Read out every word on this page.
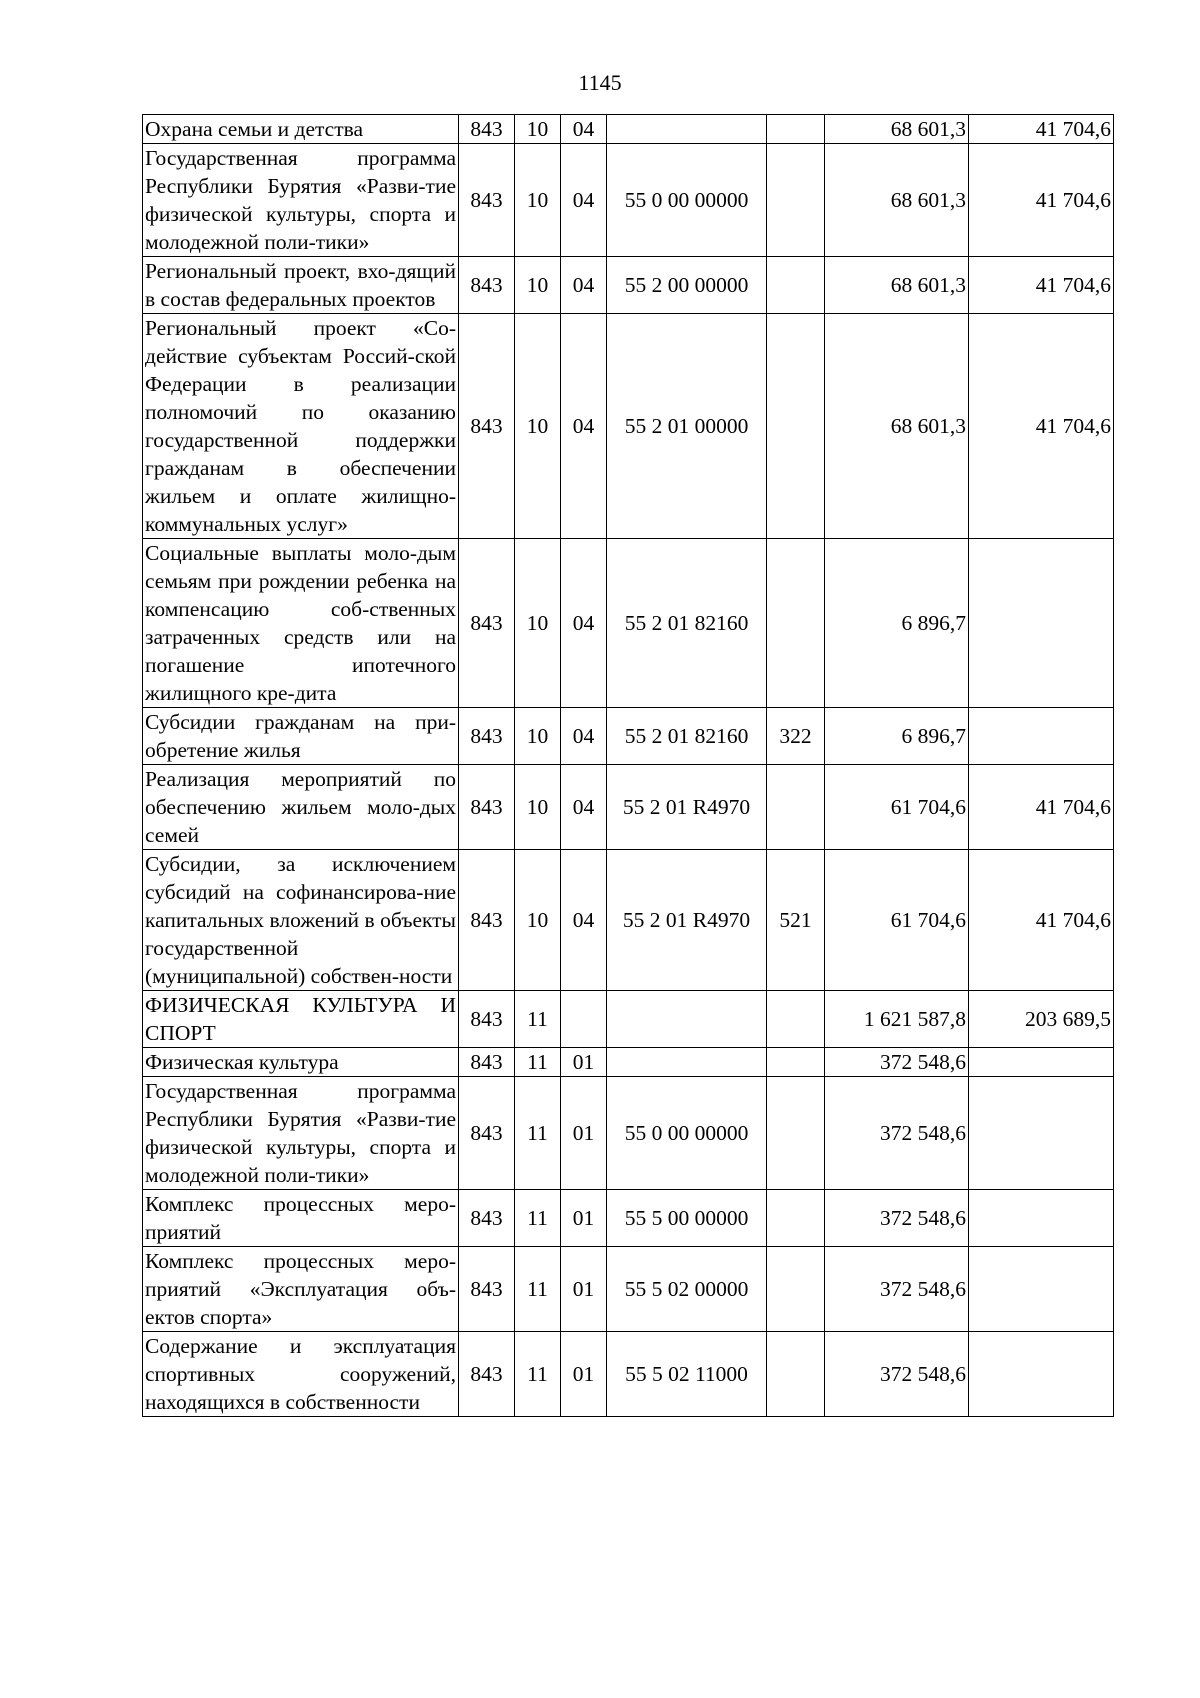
1145
Охрана семьи и детства	843	10	04			68 601,3	41 704,6
Государственная программа Республики Бурятия «Разви-тие физической культуры, спорта и молодежной поли-тики»	843	10	04	55 0 00 00000		68 601,3	41 704,6
Региональный проект, вхо-дящий в состав федеральных проектов	843	10	04	55 2 00 00000		68 601,3	41 704,6
Региональный проект «Со-действие субъектам Россий-ской Федерации в реализации полномочий по оказанию государственной поддержки гражданам в обеспечении жильем и оплате жилищно-коммунальных услуг»	843	10	04	55 2 01 00000		68 601,3	41 704,6
Социальные выплаты моло-дым семьям при рождении ребенка на компенсацию соб-ственных затраченных средств или на погашение ипотечного жилищного кре-дита	843	10	04	55 2 01 82160		6 896,7	
Субсидии гражданам на при-обретение жилья	843	10	04	55 2 01 82160	322	6 896,7	
Реализация мероприятий по обеспечению жильем моло-дых семей	843	10	04	55 2 01 R4970		61 704,6	41 704,6
Субсидии, за исключением субсидий на софинансирова-ние капитальных вложений в объекты государственной (муниципальной) собствен-ности	843	10	04	55 2 01 R4970	521	61 704,6	41 704,6
ФИЗИЧЕСКАЯ КУЛЬТУРА И СПОРТ	843	11				1 621 587,8	203 689,5
Физическая культура	843	11	01			372 548,6	
Государственная программа Республики Бурятия «Разви-тие физической культуры, спорта и молодежной поли-тики»	843	11	01	55 0 00 00000		372 548,6	
Комплекс процессных меро-приятий	843	11	01	55 5 00 00000		372 548,6	
Комплекс процессных меро-приятий «Эксплуатация объ-ектов спорта»	843	11	01	55 5 02 00000		372 548,6	
Содержание и эксплуатация спортивных сооружений, находящихся в собственности	843	11	01	55 5 02 11000		372 548,6	
